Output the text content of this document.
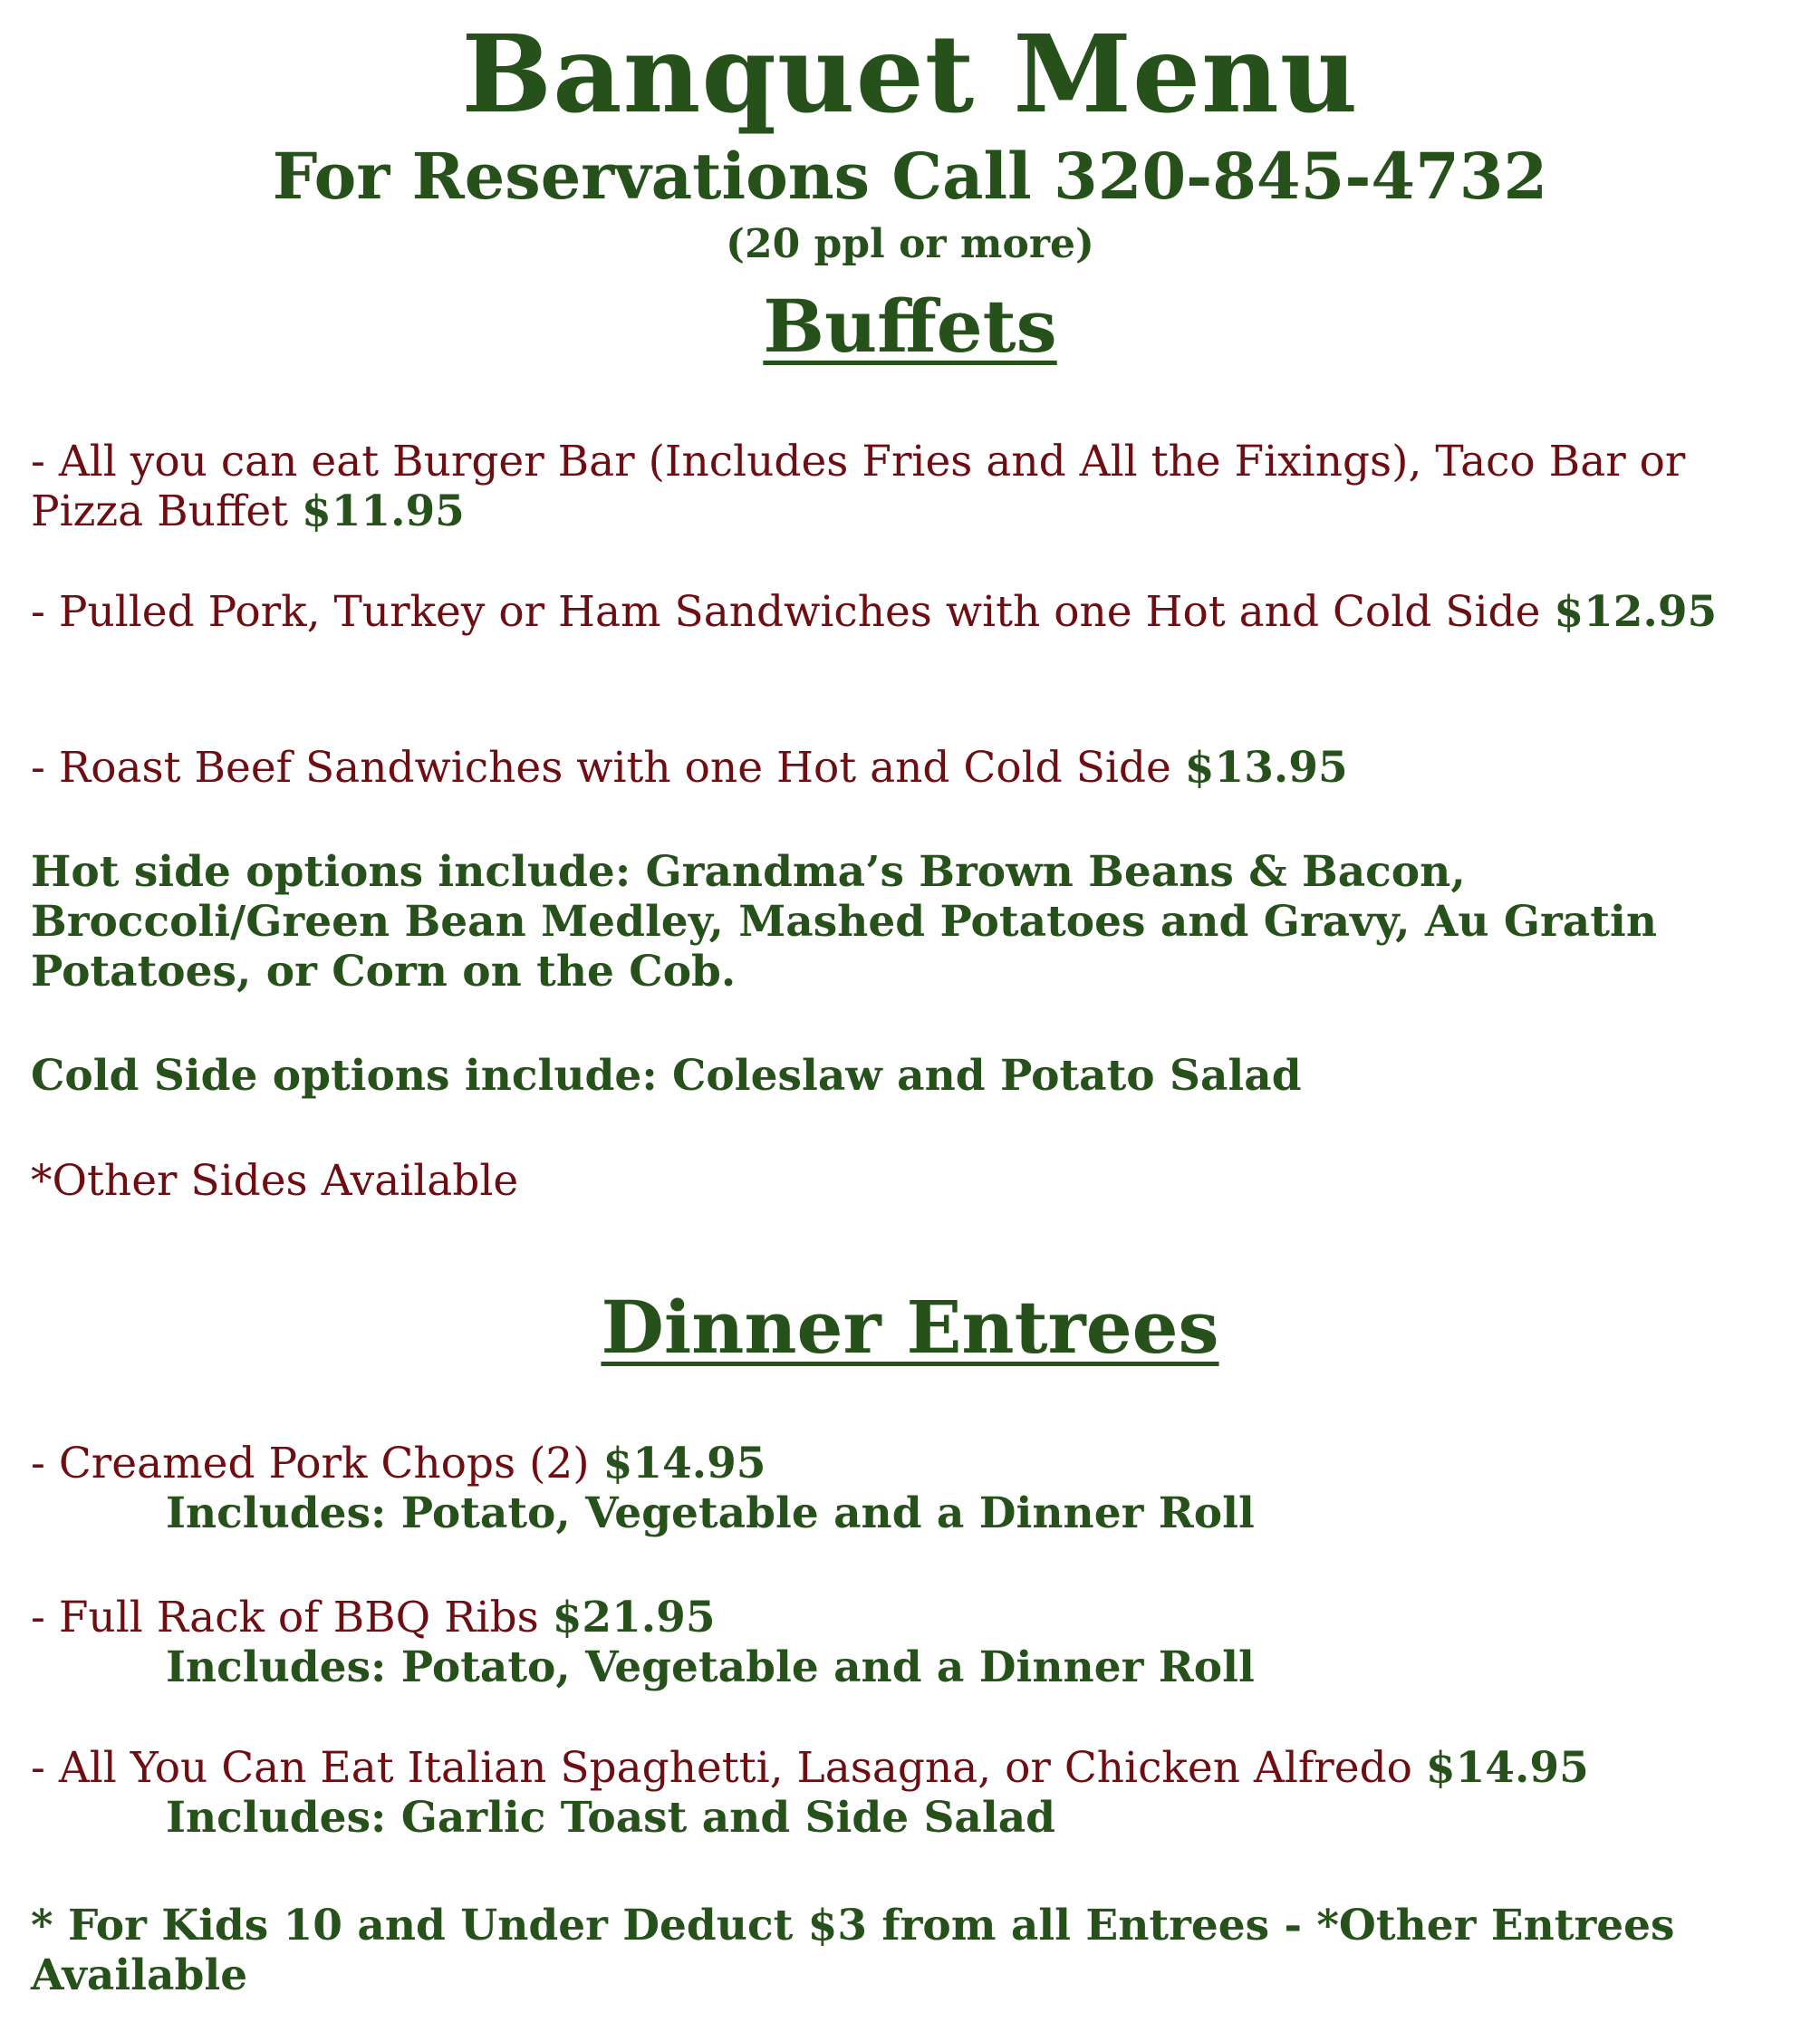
Banquet Menu
For Reservations Call 320-845-4732
(20 ppl or more)
Buffets

- All you can eat Burger Bar (Includes Fries and All the Fixings), Taco Bar or Pizza Buffet $11.95

- Pulled Pork, Turkey or Ham Sandwiches with one Hot and Cold Side $12.95

- Roast Beef Sandwiches with one Hot and Cold Side $13.95

Hot side options include: Grandma’s Brown Beans & Bacon, Broccoli/Green Bean Medley, Mashed Potatoes and Gravy, Au Gratin Potatoes, or Corn on the Cob.

Cold Side options include: Coleslaw and Potato Salad

*Other Sides Available

Dinner Entrees

- Creamed Pork Chops (2) $14.95

Includes: Potato, Vegetable and a Dinner Roll

- Full Rack of BBQ Ribs $21.95

Includes: Potato, Vegetable and a Dinner Roll

- All You Can Eat Italian Spaghetti, Lasagna, or Chicken Alfredo $14.95

Includes: Garlic Toast and Side Salad

* For Kids 10 and Under Deduct $3 from all Entrees - *Other Entrees Available
